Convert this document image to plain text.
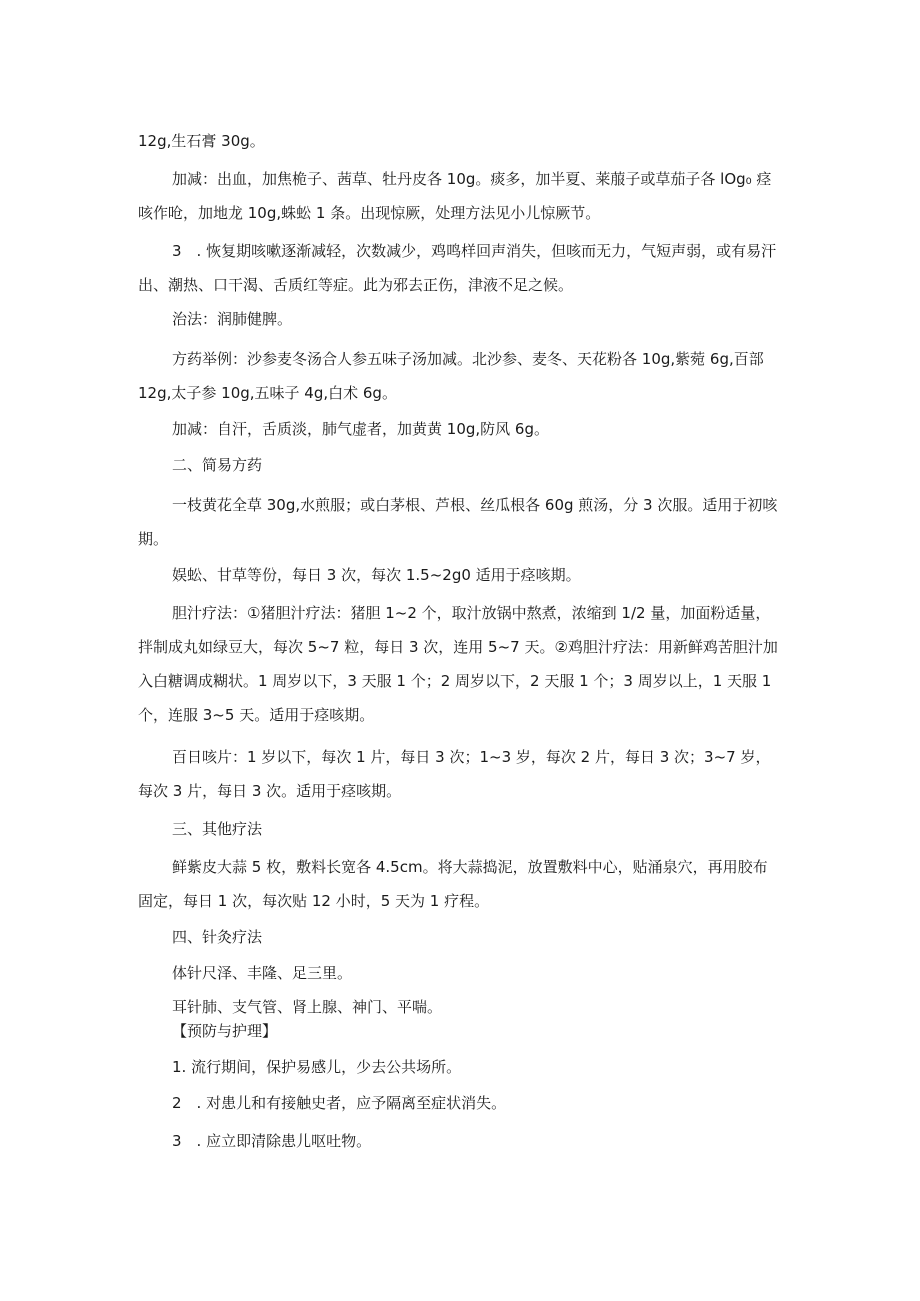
12g,生石膏 30g。

加减：出血，加焦桅子、茜草、牡丹皮各 10g。痰多，加半夏、莱菔子或草茄子各 lOg₀ 痉咳作呛，加地龙 10g,蛛蚣 1 条。出现惊厥，处理方法见小儿惊厥节。

3　. 恢复期咳嗽逐渐减轻，次数减少，鸡鸣样回声消失，但咳而无力，气短声弱，或有易汗出、潮热、口干渴、舌质红等症。此为邪去正伤，津液不足之候。

治法：润肺健脾。

方药举例：沙参麦冬汤合人参五味子汤加减。北沙参、麦冬、天花粉各 10g,紫菀 6g,百部 12g,太子参 10g,五味子 4g,白术 6g。

加减：自汗，舌质淡，肺气虚者，加黄黄 10g,防风 6g。

二、简易方药

一枝黄花全草 30g,水煎服；或白茅根、芦根、丝瓜根各 60g 煎汤，分 3 次服。适用于初咳期。

娱蚣、甘草等份，每日 3 次，每次 1.5~2g0 适用于痉咳期。

胆汁疗法：①猪胆汁疗法：猪胆 1~2 个，取汁放锅中熬煮，浓缩到 1/2 量，加面粉适量，拌制成丸如绿豆大，每次 5~7 粒，每日 3 次，连用 5~7 天。②鸡胆汁疗法：用新鲜鸡苦胆汁加入白糖调成糊状。1 周岁以下，3 天服 1 个；2 周岁以下，2 天服 1 个；3 周岁以上，1 天服 1 个，连服 3~5 天。适用于痉咳期。

百日咳片：1 岁以下，每次 1 片，每日 3 次；1~3 岁，每次 2 片，每日 3 次；3~7 岁，每次 3 片，每日 3 次。适用于痉咳期。

三、其他疗法

鲜紫皮大蒜 5 枚，敷料长宽各 4.5cm。将大蒜捣泥，放置敷料中心，贴涌泉穴，再用胶布固定，每日 1 次，每次贴 12 小时，5 天为 1 疗程。

四、针灸疗法

体针尺泽、丰隆、足三里。

耳针肺、支气管、肾上腺、神门、平喘。

【预防与护理】

1. 流行期间，保护易感儿，少去公共场所。

2　. 对患儿和有接触史者，应予隔离至症状消失。

3　. 应立即清除患儿呕吐物。
